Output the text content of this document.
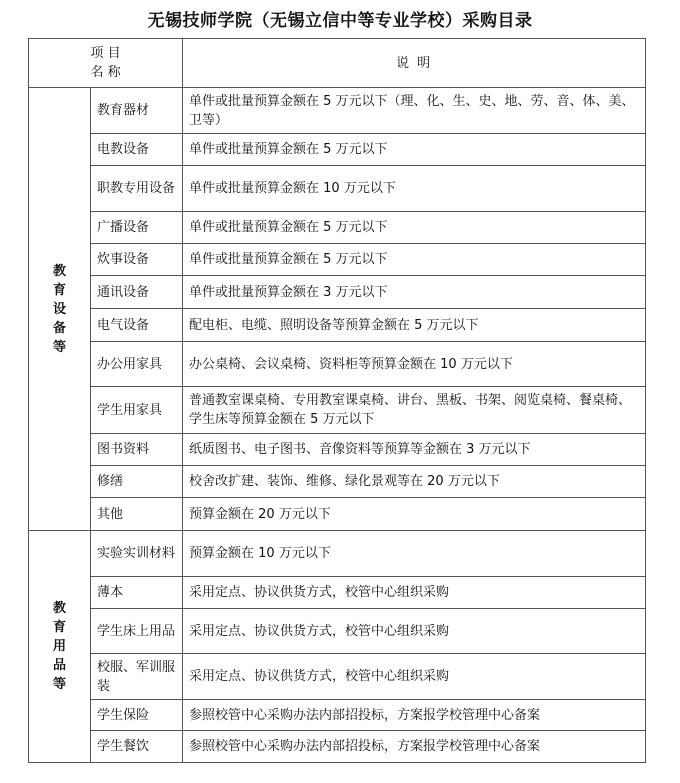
无锡技师学院（无锡立信中等专业学校）采购目录
项 目
名 称		说 明

教
育
设
备
等	教育器材	单件或批量预算金额在 5 万元以下（理、化、生、史、地、劳、音、体、美、卫等）
	电教设备	单件或批量预算金额在 5 万元以下
	职教专用设备	单件或批量预算金额在 10 万元以下
	广播设备	单件或批量预算金额在 5 万元以下
	炊事设备	单件或批量预算金额在 5 万元以下
	通讯设备	单件或批量预算金额在 3 万元以下
	电气设备	配电柜、电缆、照明设备等预算金额在 5 万元以下
	办公用家具	办公桌椅、会议桌椅、资料柜等预算金额在 10 万元以下
	学生用家具	普通教室课桌椅、专用教室课桌椅、讲台、黑板、书架、阅览桌椅、餐桌椅、学生床等预算金额在 5 万元以下
	图书资料	纸质图书、电子图书、音像资料等预算等金额在 3 万元以下
	修缮	校舍改扩建、装饰、维修、绿化景观等在 20 万元以下
	其他	预算金额在 20 万元以下

教
育
用
品
等	实验实训材料	预算金额在 10 万元以下
	薄本	采用定点、协议供货方式，校管中心组织采购
	学生床上用品	采用定点、协议供货方式，校管中心组织采购
	校服、军训服装	采用定点、协议供货方式，校管中心组织采购
	学生保险	参照校管中心采购办法内部招投标，方案报学校管理中心备案
	学生餐饮	参照校管中心采购办法内部招投标，方案报学校管理中心备案
